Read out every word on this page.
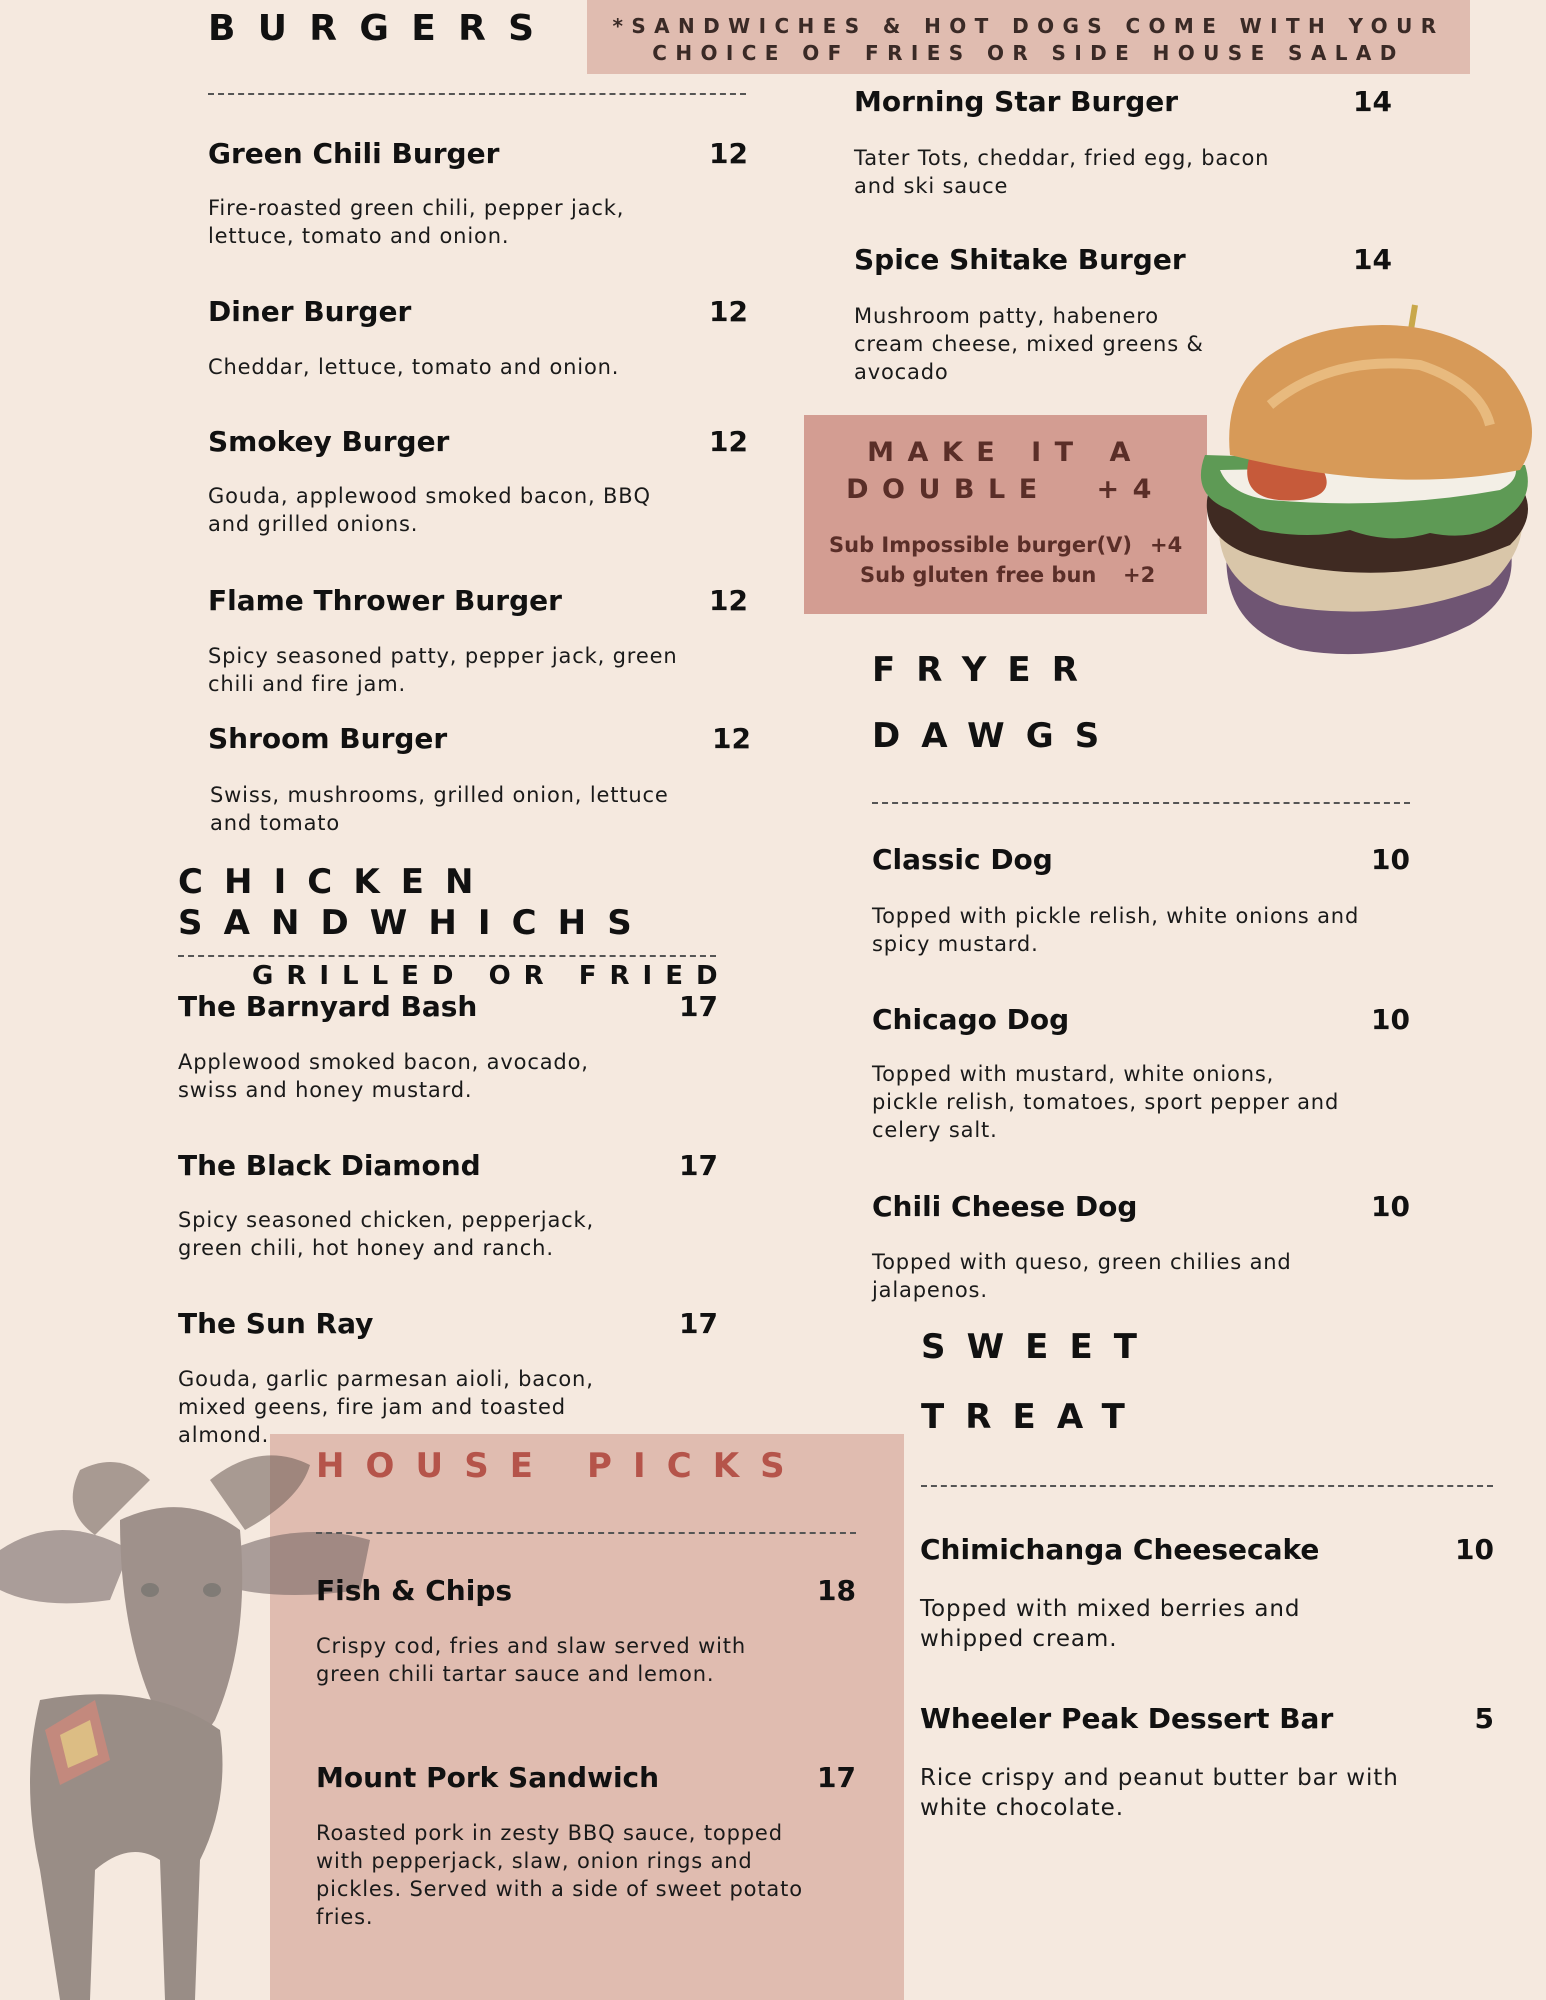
*SANDWICHES & HOT DOGS COME WITH YOUR
CHOICE OF FRIES OR SIDE HOUSE SALAD
BURGERS
Green Chili Burger	12
Fire-roasted green chili, pepper jack, lettuce, tomato and onion.
Diner Burger	12
Cheddar, lettuce, tomato and onion.
Smokey Burger	12
Gouda, applewood smoked bacon, BBQ and grilled onions.
Flame Thrower Burger	12
Spicy seasoned patty, pepper jack, green chili and fire jam.
Shroom Burger	12
Swiss, mushrooms, grilled onion, lettuce and tomato
Morning Star Burger	14
Tater Tots, cheddar, fried egg, bacon and ski sauce
Spice Shitake Burger	14
Mushroom patty, habenero cream cheese, mixed greens & avocado
MAKE IT A
DOUBLE  +4
Sub Impossible burger(V) +4
Sub gluten free bun +2
CHICKEN
SANDWHICHS
GRILLED OR FRIED
The Barnyard Bash	17
Applewood smoked bacon, avocado, swiss and honey mustard.
The Black Diamond	17
Spicy seasoned chicken, pepperjack, green chili, hot honey and ranch.
The Sun Ray	17
Gouda, garlic parmesan aioli, bacon, mixed geens, fire jam and toasted almond.
FRYER
DAWGS
Classic Dog	10
Topped with pickle relish, white onions and spicy mustard.
Chicago Dog	10
Topped with mustard, white onions, pickle relish, tomatoes, sport pepper and celery salt.
Chili Cheese Dog	10
Topped with queso, green chilies and jalapenos.
HOUSE PICKS
Fish & Chips	18
Crispy cod, fries and slaw served with green chili tartar sauce and lemon.
Mount Pork Sandwich	17
Roasted pork in zesty BBQ sauce, topped with pepperjack, slaw, onion rings and pickles. Served with a side of sweet potato fries.
SWEET
TREAT
Chimichanga Cheesecake	10
Topped with mixed berries and whipped cream.
Wheeler Peak Dessert Bar	5
Rice crispy and peanut butter bar with white chocolate.
